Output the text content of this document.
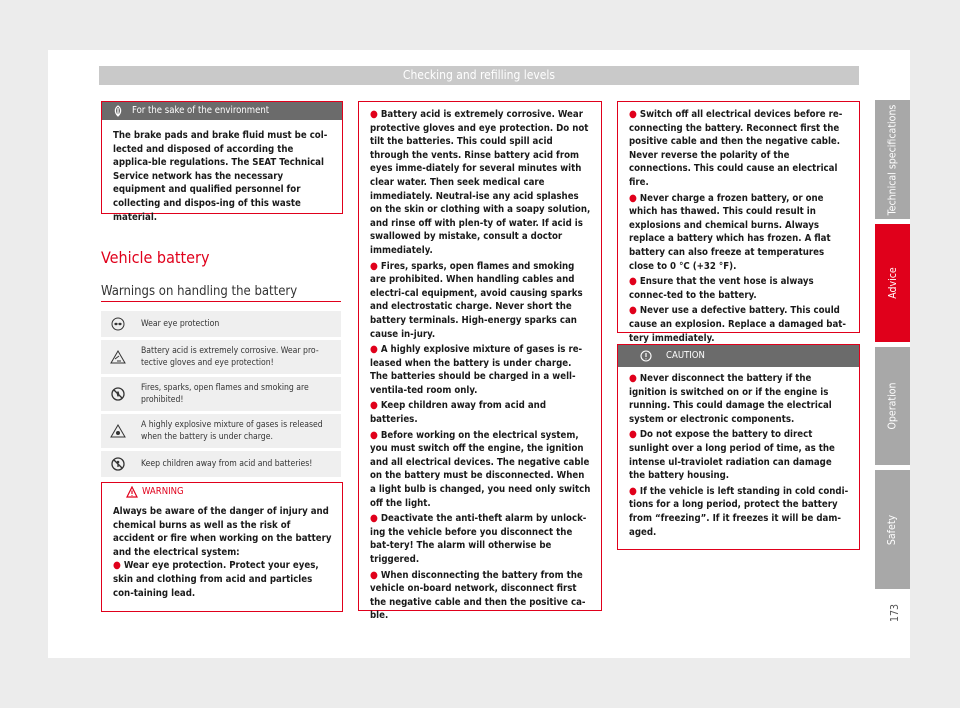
Checking and refilling levels
For the sake of the environment
The brake pads and brake fluid must be col-lected and disposed of according the applica-ble regulations. The SEAT Technical Service network has the necessary equipment and qualified personnel for collecting and dispos-ing of this waste material.
Vehicle battery
Warnings on handling the battery
Wear eye protection
Battery acid is extremely corrosive. Wear pro-tective gloves and eye protection!
Fires, sparks, open flames and smoking are prohibited!
A highly explosive mixture of gases is released when the battery is under charge.
Keep children away from acid and batteries!
WARNING
Always be aware of the danger of injury and chemical burns as well as the risk of accident or fire when working on the battery and the electrical system:
● Wear eye protection. Protect your eyes, skin and clothing from acid and particles con-taining lead.
● Battery acid is extremely corrosive. Wear protective gloves and eye protection. Do not tilt the batteries. This could spill acid through the vents. Rinse battery acid from eyes imme-diately for several minutes with clear water. Then seek medical care immediately. Neutral-ise any acid splashes on the skin or clothing with a soapy solution, and rinse off with plen-ty of water. If acid is swallowed by mistake, consult a doctor immediately.
● Fires, sparks, open flames and smoking are prohibited. When handling cables and electri-cal equipment, avoid causing sparks and electrostatic charge. Never short the battery terminals. High-energy sparks can cause in-jury.
● A highly explosive mixture of gases is re-leased when the battery is under charge. The batteries should be charged in a well-ventila-ted room only.
● Keep children away from acid and batteries.
● Before working on the electrical system, you must switch off the engine, the ignition and all electrical devices. The negative cable on the battery must be disconnected. When a light bulb is changed, you need only switch off the light.
● Deactivate the anti-theft alarm by unlock-ing the vehicle before you disconnect the bat-tery! The alarm will otherwise be triggered.
● When disconnecting the battery from the vehicle on-board network, disconnect first the negative cable and then the positive ca-ble.
● Switch off all electrical devices before re-connecting the battery. Reconnect first the positive cable and then the negative cable. Never reverse the polarity of the connections. This could cause an electrical fire.
● Never charge a frozen battery, or one which has thawed. This could result in explosions and chemical burns. Always replace a battery which has frozen. A flat battery can also freeze at temperatures close to 0 °C (+32 °F).
● Ensure that the vent hose is always connec-ted to the battery.
● Never use a defective battery. This could cause an explosion. Replace a damaged bat-tery immediately.
CAUTION
● Never disconnect the battery if the ignition is switched on or if the engine is running. This could damage the electrical system or electronic components.
● Do not expose the battery to direct sunlight over a long period of time, as the intense ul-traviolet radiation can damage the battery housing.
● If the vehicle is left standing in cold condi-tions for a long period, protect the battery from “freezing”. If it freezes it will be dam-aged.
Technical specifications
Advice
Operation
Safety
173
